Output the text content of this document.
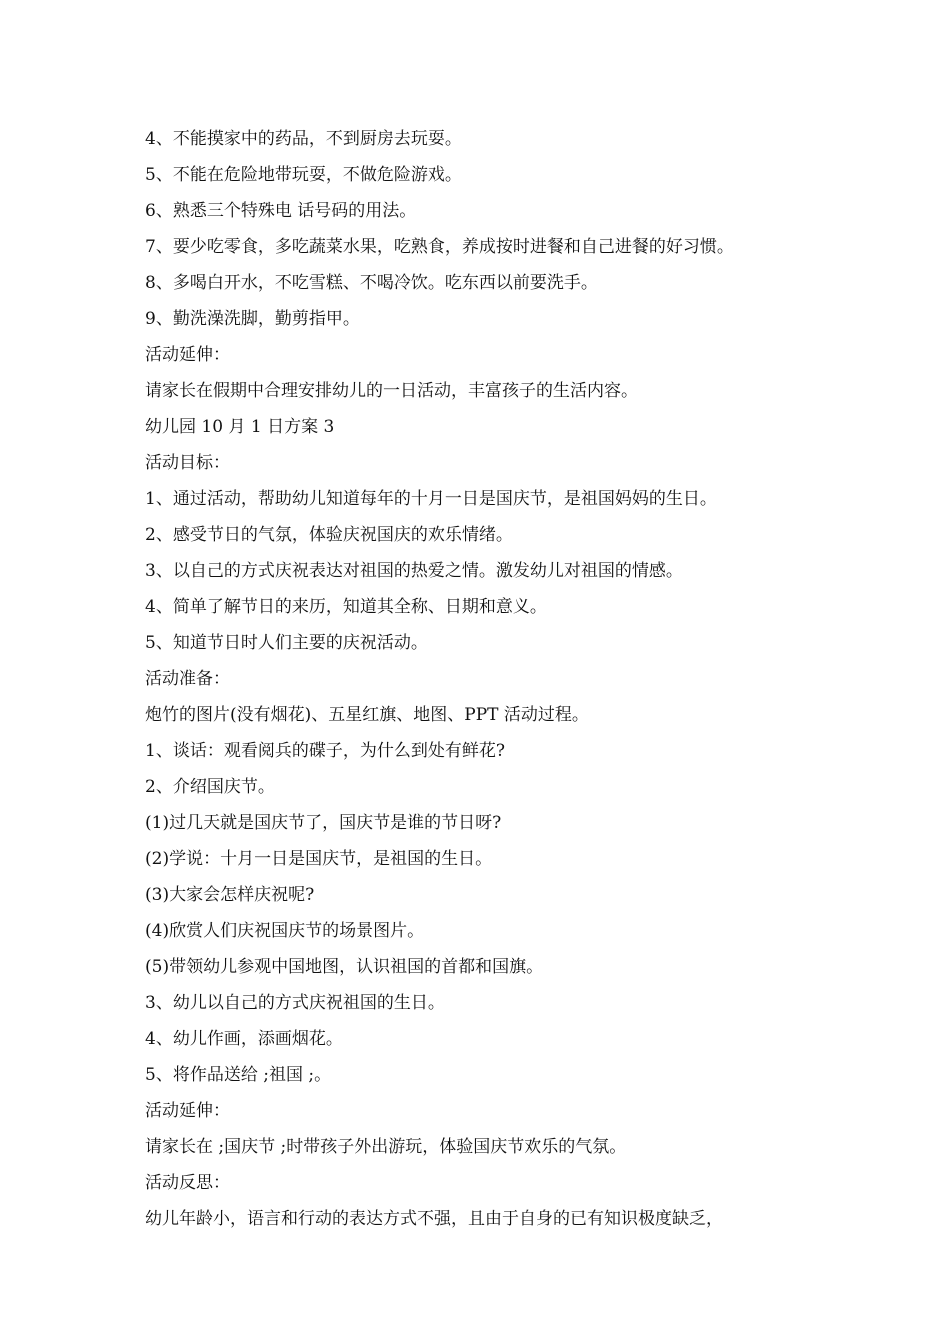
4、不能摸家中的药品，不到厨房去玩耍。

5、不能在危险地带玩耍，不做危险游戏。

6、熟悉三个特殊电 话号码的用法。

7、要少吃零食，多吃蔬菜水果，吃熟食，养成按时进餐和自己进餐的好习惯。

8、多喝白开水，不吃雪糕、不喝冷饮。吃东西以前要洗手。

9、勤洗澡洗脚，勤剪指甲。

活动延伸：

请家长在假期中合理安排幼儿的一日活动，丰富孩子的生活内容。

幼儿园 10 月 1 日方案 3

活动目标：

1、通过活动，帮助幼儿知道每年的十月一日是国庆节，是祖国妈妈的生日。

2、感受节日的气氛，体验庆祝国庆的欢乐情绪。

3、以自己的方式庆祝表达对祖国的热爱之情。激发幼儿对祖国的情感。

4、简单了解节日的来历，知道其全称、日期和意义。

5、知道节日时人们主要的庆祝活动。

活动准备：

炮竹的图片(没有烟花)、五星红旗、地图、PPT 活动过程。

1、谈话：观看阅兵的碟子，为什么到处有鲜花?

2、介绍国庆节。

(1)过几天就是国庆节了，国庆节是谁的节日呀?

(2)学说：十月一日是国庆节，是祖国的生日。

(3)大家会怎样庆祝呢?

(4)欣赏人们庆祝国庆节的场景图片。

(5)带领幼儿参观中国地图，认识祖国的首都和国旗。

3、幼儿以自己的方式庆祝祖国的生日。

4、幼儿作画，添画烟花。

5、将作品送给 ;祖国 ;。

活动延伸：

请家长在 ;国庆节 ;时带孩子外出游玩，体验国庆节欢乐的气氛。

活动反思：

幼儿年龄小，语言和行动的表达方式不强，且由于自身的已有知识极度缺乏，
